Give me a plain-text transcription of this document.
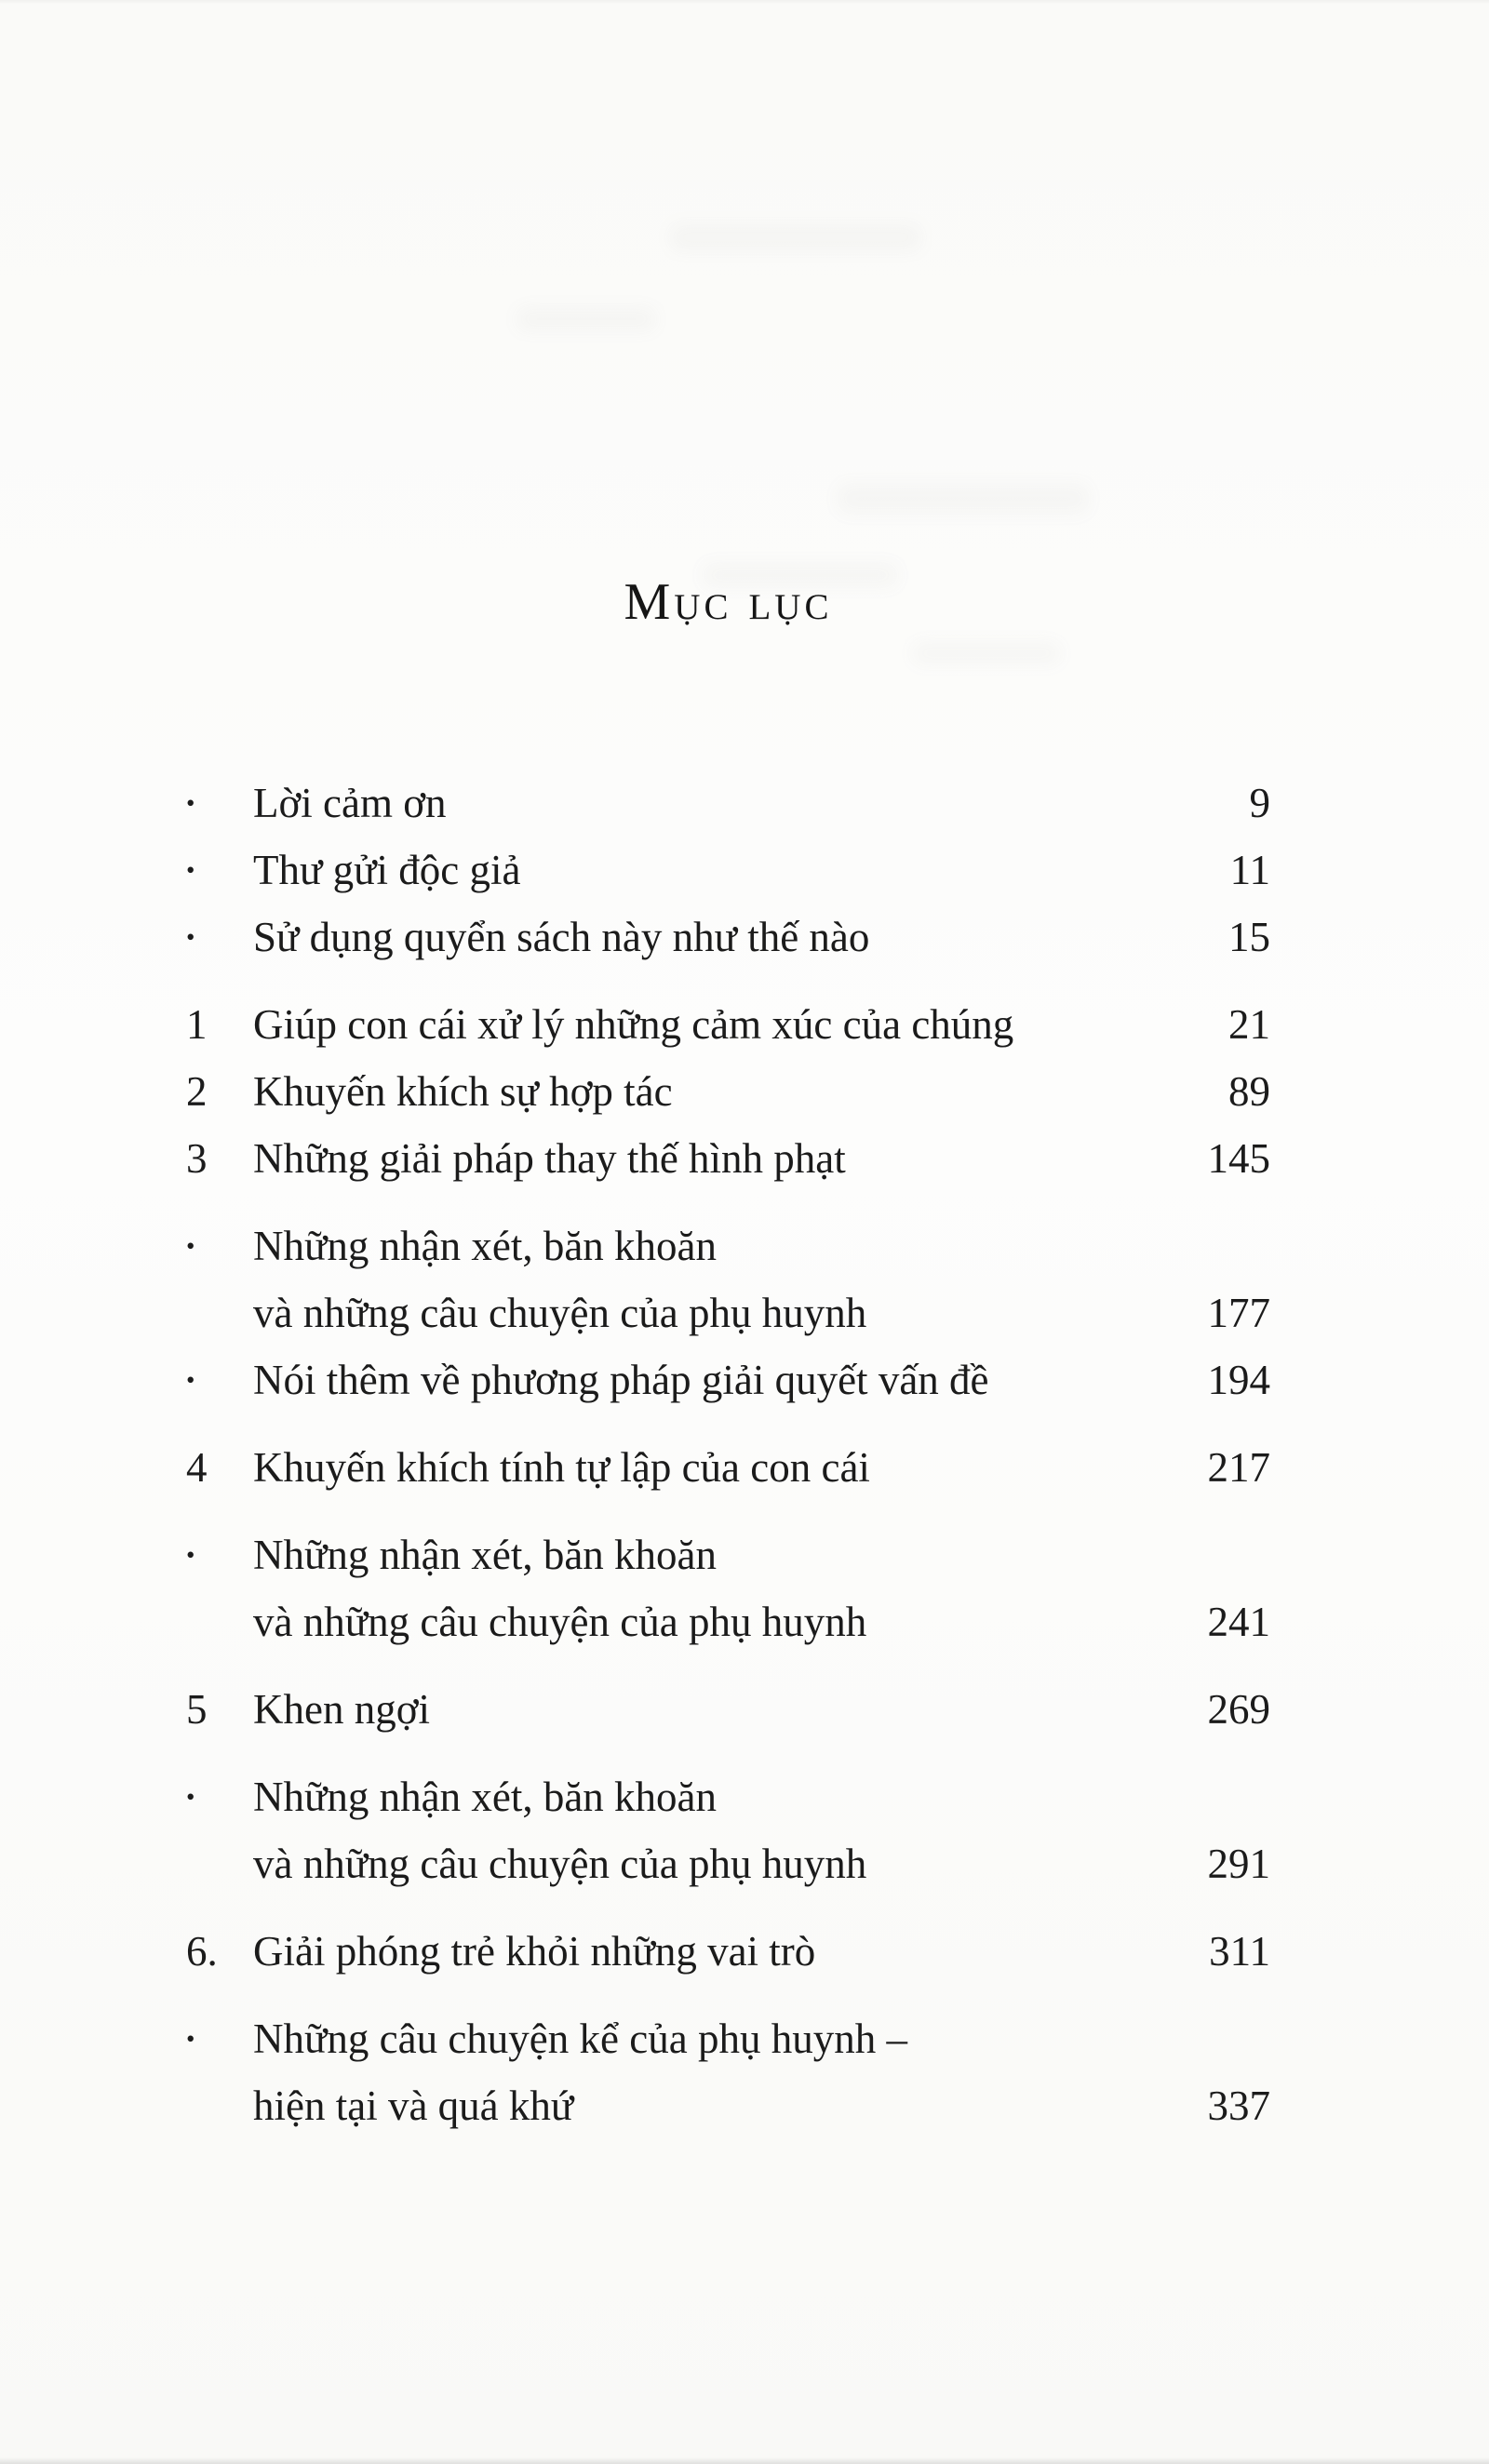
Mục lục
•	Lời cảm ơn	9
•	Thư gửi độc giả	11
•	Sử dụng quyển sách này như thế nào	15
1	Giúp con cái xử lý những cảm xúc của chúng	21
2	Khuyến khích sự hợp tác	89
3	Những giải pháp thay thế hình phạt	145
•	Những nhận xét, băn khoăn
và những câu chuyện của phụ huynh	177
•	Nói thêm về phương pháp giải quyết vấn đề	194
4	Khuyến khích tính tự lập của con cái	217
•	Những nhận xét, băn khoăn
và những câu chuyện của phụ huynh	241
5	Khen ngợi	269
•	Những nhận xét, băn khoăn
và những câu chuyện của phụ huynh	291
6. Giải phóng trẻ khỏi những vai trò	311
•	Những câu chuyện kể của phụ huynh –
hiện tại và quá khứ	337
